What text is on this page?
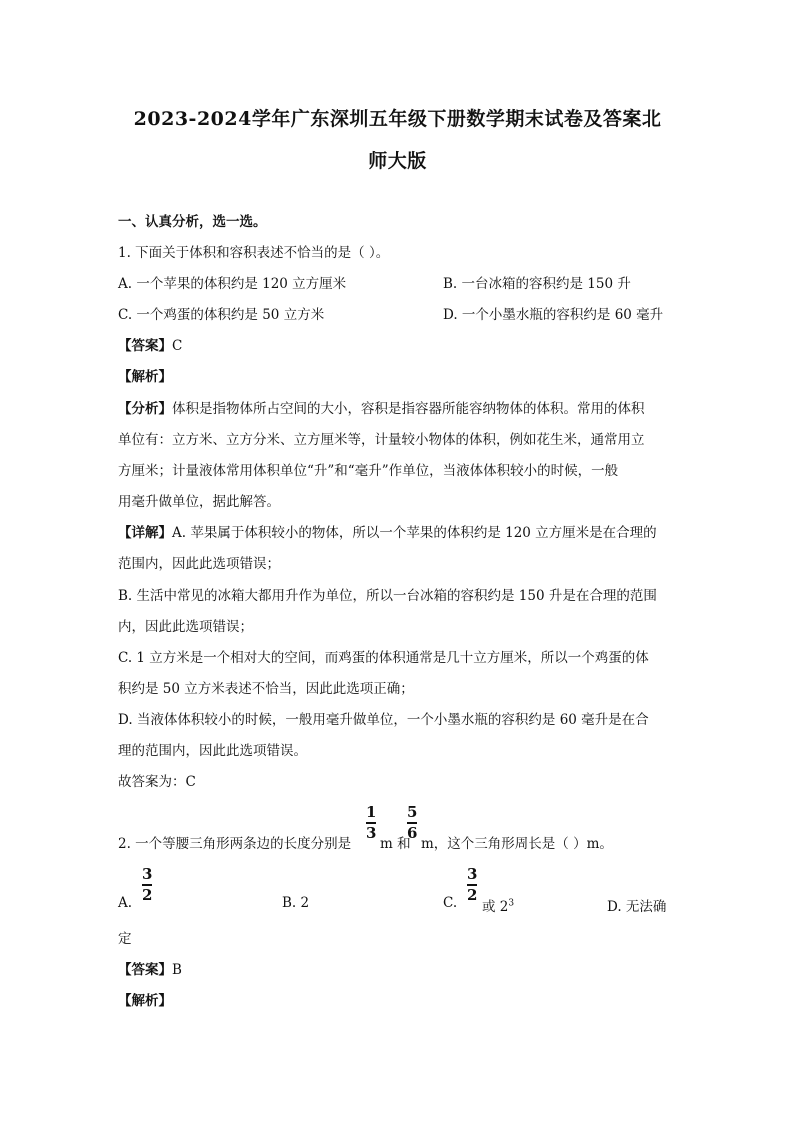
2023-2024学年广东深圳五年级下册数学期末试卷及答案北
师大版
一、认真分析，选一选。
1. 下面关于体积和容积表述不恰当的是（ ）。
A. 一个苹果的体积约是 120 立方厘米	B. 一台冰箱的容积约是 150 升
C. 一个鸡蛋的体积约是 50 立方米	D. 一个小墨水瓶的容积约是 60 毫升
【答案】C
【解析】
【分析】体积是指物体所占空间的大小，容积是指容器所能容纳物体的体积。常用的体积
单位有：立方米、立方分米、立方厘米等，计量较小物体的体积，例如花生米，通常用立
方厘米；计量液体常用体积单位“升”和“毫升”作单位，当液体体积较小的时候，一般
用毫升做单位，据此解答。
【详解】A. 苹果属于体积较小的物体，所以一个苹果的体积约是 120 立方厘米是在合理的
范围内，因此此选项错误；
B. 生活中常见的冰箱大都用升作为单位，所以一台冰箱的容积约是 150 升是在合理的范围
内，因此此选项错误；
C. 1 立方米是一个相对大的空间，而鸡蛋的体积通常是几十立方厘米，所以一个鸡蛋的体
积约是 50 立方米表述不恰当，因此此选项正确；
D. 当液体体积较小的时候，一般用毫升做单位，一个小墨水瓶的容积约是 60 毫升是在合
理的范围内，因此此选项错误。
故答案为：C
2. 一个等腰三角形两条边的长度分别是
1
3
m 和
5
6
m，这个三角形周长是（ ）m。
A.
3
2	B. 2	C.
3
2
或 $2^3$	D. 无法确
定
【答案】B
【解析】
